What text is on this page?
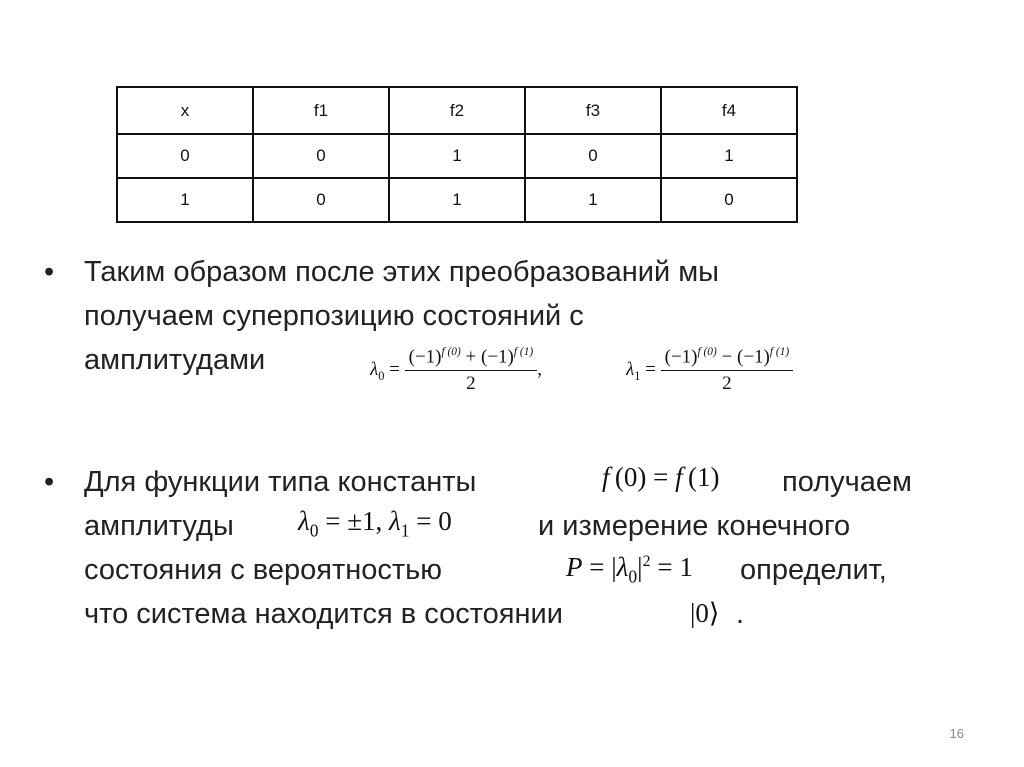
x	f1	f2	f3	f4
0	0	1	0	1
1	0	1	1	0
• Таким образом после этих преобразований мы
получаем суперпозицию состояний с
амплитудами	$\lambda_0 = \frac{(-1)^{f (0)} + (-1)^{f (1)}}{2}$ ,	$\lambda_1 = \frac{(-1)^{f (0)} - (-1)^{f (1)}}{2}$
• Для функции типа константы	получаем
амплитуды	и измерение конечного
состояния с вероятностью	определит,
что система находится в состоянии	.
f (0) = f (1)
$\lambda_0 = \pm 1$, $\lambda_1 = 0$
$P = |\lambda_0|^2 = 1$
|0⟩
16
